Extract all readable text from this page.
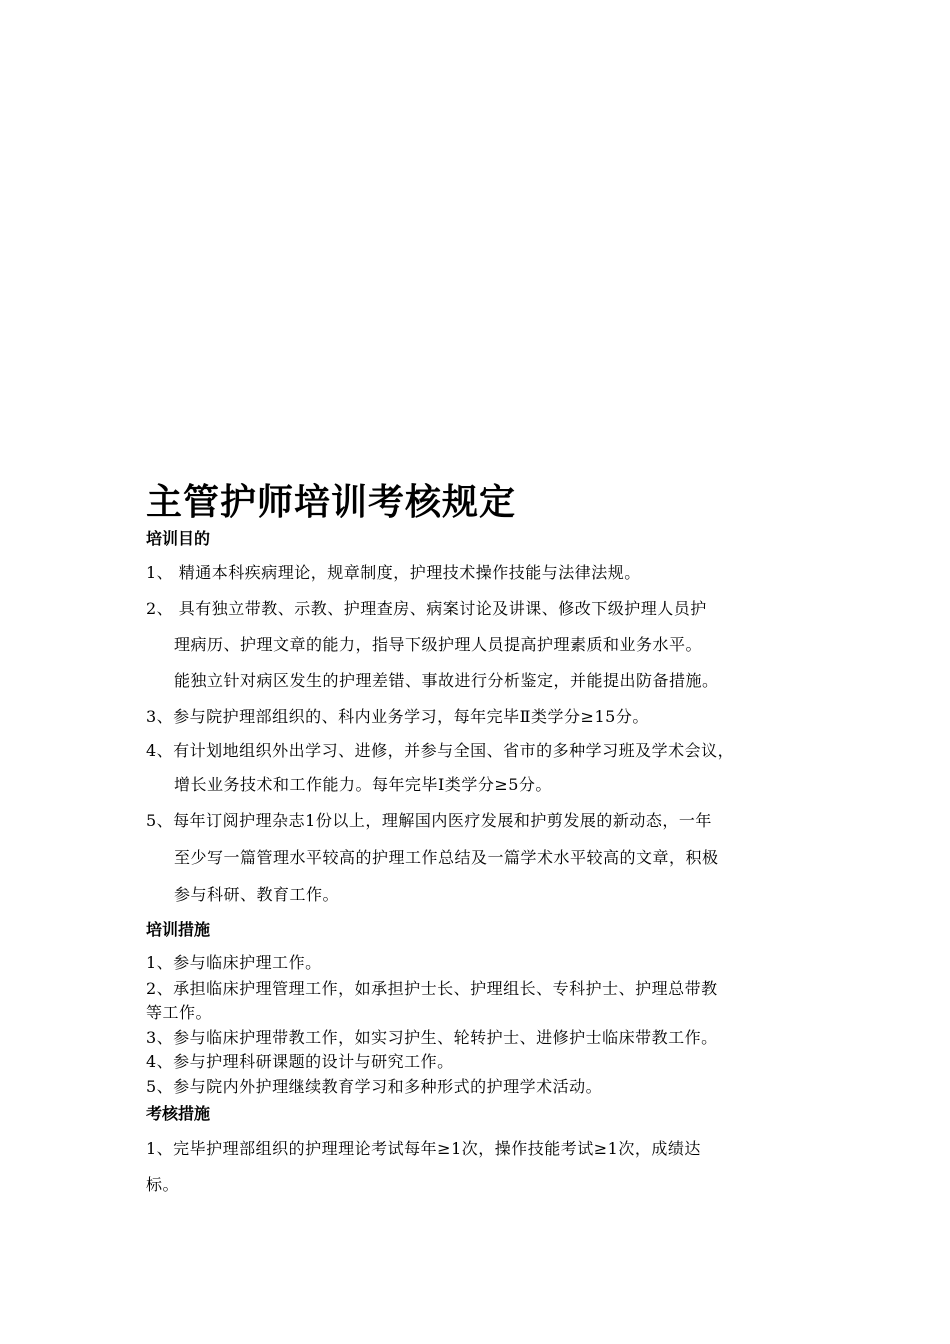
主管护师培训考核规定
培训目的

1、 精通本科疾病理论，规章制度，护理技术操作技能与法律法规。

2、 具有独立带教、示教、护理查房、病案讨论及讲课、修改下级护理人员护

理病历、护理文章的能力，指导下级护理人员提高护理素质和业务水平。

能独立针对病区发生的护理差错、事故进行分析鉴定，并能提出防备措施。

3、参与院护理部组织的、科内业务学习，每年完毕Ⅱ类学分≥15分。

4、有计划地组织外出学习、进修，并参与全国、省市的多种学习班及学术会议，

增长业务技术和工作能力。每年完毕Ⅰ类学分≥5分。

5、每年订阅护理杂志1份以上，理解国内医疗发展和护剪发展的新动态，一年

至少写一篇管理水平较高的护理工作总结及一篇学术水平较高的文章，积极

参与科研、教育工作。

培训措施

1、参与临床护理工作。

2、承担临床护理管理工作，如承担护士长、护理组长、专科护士、护理总带教

等工作。

3、参与临床护理带教工作，如实习护生、轮转护士、进修护士临床带教工作。

4、参与护理科研课题的设计与研究工作。

5、参与院内外护理继续教育学习和多种形式的护理学术活动。

考核措施

1、完毕护理部组织的护理理论考试每年≥1次，操作技能考试≥1次，成绩达

标。
